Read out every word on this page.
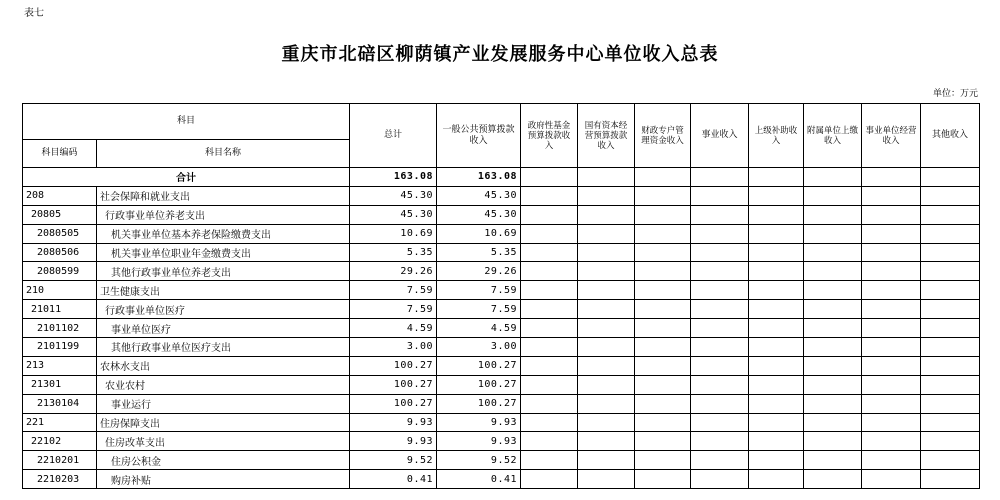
表七
重庆市北碚区柳荫镇产业发展服务中心单位收入总表
单位：万元
科目		总计	一般公共预算拨款收入	政府性基金预算拨款收入	国有资本经营预算拨款收入	财政专户管理资金收入	事业收入	上级补助收入	附属单位上缴收入	事业单位经营收入	其他收入
科目编码	科目名称										
合计		163.08	163.08								
208	社会保障和就业支出	45.30	45.30								
20805	行政事业单位养老支出	45.30	45.30								
2080505	机关事业单位基本养老保险缴费支出	10.69	10.69								
2080506	机关事业单位职业年金缴费支出	5.35	5.35								
2080599	其他行政事业单位养老支出	29.26	29.26								
210	卫生健康支出	7.59	7.59								
21011	行政事业单位医疗	7.59	7.59								
2101102	事业单位医疗	4.59	4.59								
2101199	其他行政事业单位医疗支出	3.00	3.00								
213	农林水支出	100.27	100.27								
21301	农业农村	100.27	100.27								
2130104	事业运行	100.27	100.27								
221	住房保障支出	9.93	9.93								
22102	住房改革支出	9.93	9.93								
2210201	住房公积金	9.52	9.52								
2210203	购房补贴	0.41	0.41								
